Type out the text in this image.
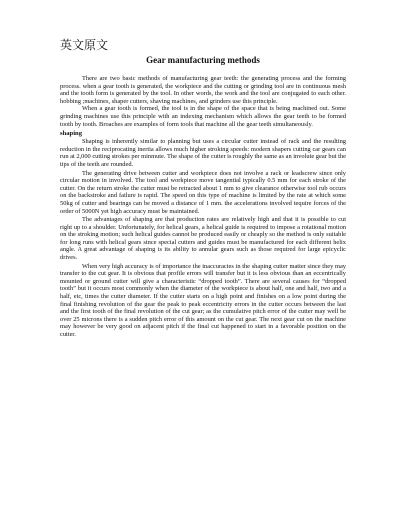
英文原文
Gear manufacturing methods

There are two basic methods of manufacturing gear teeth: the generating process and the forming process. when a gear tooth is generated, the workpiece and the cutting or grinding tool are in continuous mesh and the tooth form is generated by the tool. In other words, the work and the tool are conjugated to each other. hobbing ;machines, shaper cutters, shaving machines, and grinders use this principle.

When a gear tooth is formed, the tool is in the shape of the space that is being machined out. Some grinding machines use this principle with an indexing mechanism which allows the gear teeth to be formed tooth by tooth. Broaches are examples of form tools that machine all the gear teeth simultaneously.

shaping

Shaping is inherently similar to planning but uses a circular cutter instead of rack and the resulting reduction in the reciprocating inertia allows much higher stroking speeds: modern shapers cutting car gears can run at 2,000 cutting strokes per minmute. The shape of the cutter is roughly the same as an involute gear but the tips of the teeth are rounded.

The generating drive between cutter and workpiece does not involve a rack or leadscrew since only circular motion in involved. The tool and workpiece move tangential typically 0.5 mm for each stroke of the cutter. On the return stroke the cutter must be retracted about 1 mm to give clearance otherwise tool rub occurs on the backstroke and failure is rapid. The speed on this type of machine is limited by the rate at which some 50kg of cutter and bearings can be moved a distance of 1 mm. the accelerations involved tequire forces of the order of 5000N yet high accuracy must be maintained.

The advantages of shaping are that production rates are relatively high and that it is possible to cut right up to a shoulder. Unfortunately, for helical gears, a helical guide is required to impose a rotational motion on the stroking motion; such helical guides cannot be produced easily or cheaply so the method is only suitable for long runs with helical gears since special cutters and guides must be manufactured for each different helix angle. A great advantage of shaping is its ability to annular gears such as those required for large epicyclic drives.

When very high accuracy is of importance the inaccuracies in the shaping cutter matter since they may transfer to the cut gear. It is obvious that profile errors will transfer but it is less obvious than an eccentrically mounted or ground cutter will give a characteristic “dropped tooth”. There are several causes for “dropped tooth” but it occurs most commonly when the diameter of the workpiece is about half, one and half, two and a half, etc, times the cutter diameter. If the cutter starts on a high point and finishes on a low point during the final finishing revolution of the gear the peak to peak eccentricity errors in the cutter occurs between the last and the first tooth of the final revolution of the cut gear; as the cumulative pitch error of the cutter may well be over 25 microns there is a sudden pitch error of this amount on the cut gear. The next gear cut on the machine may however be very good on adjacent pitch if the final cut happened to start in a favorable position on the cutter.
